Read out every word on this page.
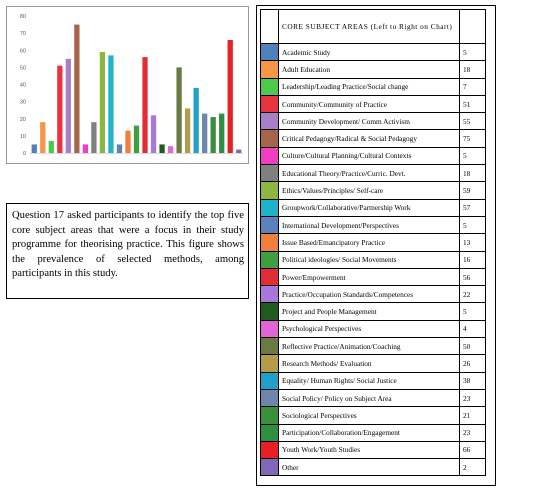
0
10
20
30
40
50
60
70
80

Question 17 asked participants to identify the top five core subject areas that were a focus in their study programme for theorising practice. This figure shows the prevalence of selected methods, among participants in this study.

	CORE SUBJECT AREAS (Left to Right on Chart)	

	Academic Study	5

	Adult Education	18

	Leadership/Leading Practice/Social change	7

	Community/Community of Practice	51

	Community Development/ Comm Activism	55

	Critical Pedagogy/Radical & Social Pedagogy	75

	Culture/Cultural Planning/Cultural Contexts	5

	Educational Theory/Practice/Curric. Devt.	18

	Ethics/Values/Principles/ Self-care	59

	Groupwork/Collaborative/Partnership Work	57

	International Development/Perspectives	5

	Issue Based/Emancipatory Practice	13

	Political ideologies/ Social Movements	16

	Power/Empowerment	56

	Practice/Occupation Standards/Competences	22

	Project and People Management	5

	Psychological Perspectives	4

	Reflective Practice/Animation/Coaching	50

	Research Methods/ Evaluation	26

	Equality/ Human Rights/ Social Justice	38

	Social Policy/ Policy on Subject Area	23

	Sociological Perspectives	21

	Participation/Collaboration/Engagement	23

	Youth Work/Youth Studies	66

	Other	2
